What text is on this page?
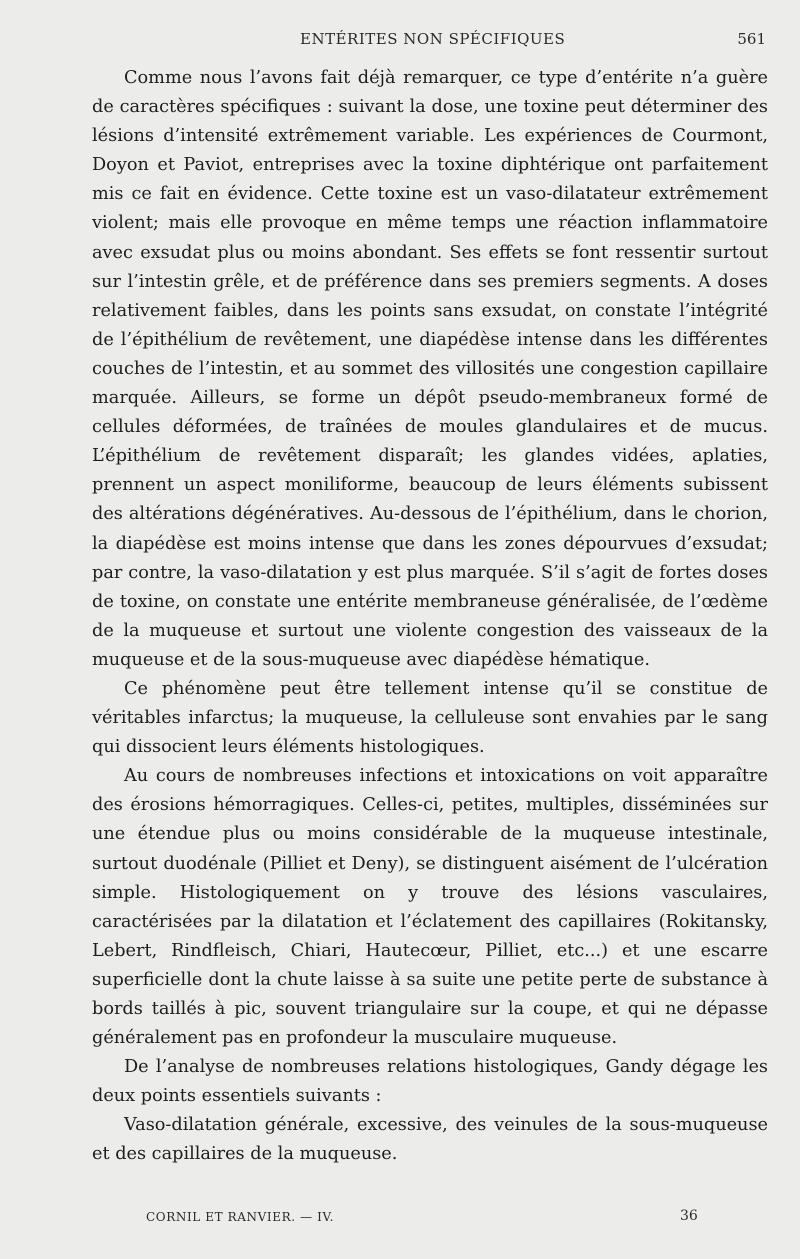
ENTÉRITES NON SPÉCIFIQUES	561

Comme nous l’avons fait déjà remarquer, ce type d’entérite n’a guère de caractères spécifiques : suivant la dose, une toxine peut déterminer des lésions d’intensité extrêmement variable. Les expériences de Courmont, Doyon et Paviot, entreprises avec la toxine diphtérique ont parfaitement mis ce fait en évidence. Cette toxine est un vaso-dilatateur extrêmement violent; mais elle provoque en même temps une réaction inflammatoire avec exsudat plus ou moins abondant. Ses effets se font ressentir surtout sur l’intestin grêle, et de préférence dans ses premiers segments. A doses relativement faibles, dans les points sans exsudat, on constate l’intégrité de l’épithélium de revêtement, une diapédèse intense dans les différentes couches de l’intestin, et au sommet des villosités une congestion capillaire marquée. Ailleurs, se forme un dépôt pseudo-membraneux formé de cellules déformées, de traînées de moules glandulaires et de mucus. L’épithélium de revêtement disparaît; les glandes vidées, aplaties, prennent un aspect moniliforme, beaucoup de leurs éléments subissent des altérations dégénératives. Au-dessous de l’épithélium, dans le chorion, la diapédèse est moins intense que dans les zones dépourvues d’exsudat; par contre, la vaso-dilatation y est plus marquée. S’il s’agit de fortes doses de toxine, on constate une entérite membraneuse généralisée, de l’œdème de la muqueuse et surtout une violente congestion des vaisseaux de la muqueuse et de la sous-muqueuse avec diapédèse hématique.

Ce phénomène peut être tellement intense qu’il se constitue de véritables infarctus; la muqueuse, la celluleuse sont envahies par le sang qui dissocient leurs éléments histologiques.

Au cours de nombreuses infections et intoxications on voit apparaître des érosions hémorragiques. Celles-ci, petites, multiples, disséminées sur une étendue plus ou moins considérable de la muqueuse intestinale, surtout duodénale (Pilliet et Deny), se distinguent aisément de l’ulcération simple. Histologiquement on y trouve des lésions vasculaires, caractérisées par la dilatation et l’éclatement des capillaires (Rokitansky, Lebert, Rindfleisch, Chiari, Hautecœur, Pilliet, etc...) et une escarre superficielle dont la chute laisse à sa suite une petite perte de substance à bords taillés à pic, souvent triangulaire sur la coupe, et qui ne dépasse généralement pas en profondeur la musculaire muqueuse.

De l’analyse de nombreuses relations histologiques, Gandy dégage les deux points essentiels suivants :

Vaso-dilatation générale, excessive, des veinules de la sous-muqueuse et des capillaires de la muqueuse.

CORNIL ET RANVIER. — IV.	36
